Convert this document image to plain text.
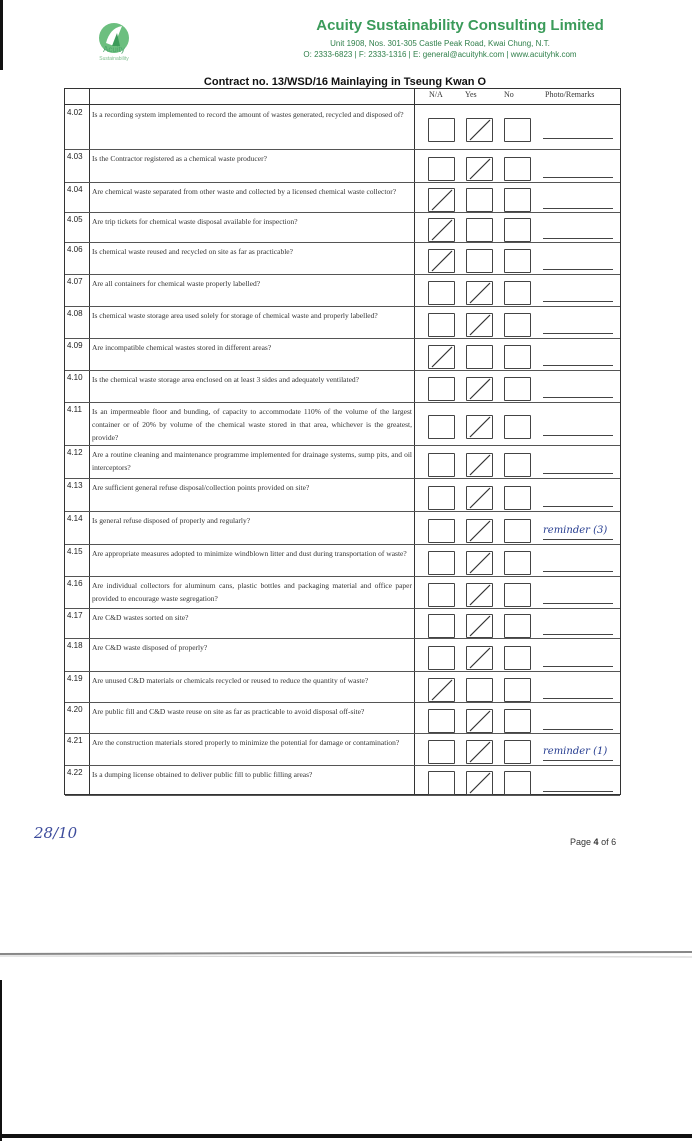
Acuity
Sustainability
Acuity Sustainability Consulting Limited
Unit 1908, Nos. 301-305 Castle Peak Road, Kwai Chung, N.T.
O: 2333-6823 | F: 2333-1316 | E: general@acuityhk.com | www.acuityhk.com
Contract no. 13/WSD/16 Mainlaying in Tseung Kwan O
N/A	Yes	No	Photo/Remarks
4.02 Is a recording system implemented to record the amount of wastes generated, recycled and disposed of?
4.03 Is the Contractor registered as a chemical waste producer?
4.04 Are chemical waste separated from other waste and collected by a licensed chemical waste collector?
4.05 Are trip tickets for chemical waste disposal available for inspection?
4.06 Is chemical waste reused and recycled on site as far as practicable?
4.07 Are all containers for chemical waste properly labelled?
4.08 Is chemical waste storage area used solely for storage of chemical waste and properly labelled?
4.09 Are incompatible chemical wastes stored in different areas?
4.10 Is the chemical waste storage area enclosed on at least 3 sides and adequately ventilated?
4.11 Is an impermeable floor and bunding, of capacity to accommodate 110% of the volume of the largest container or of 20% by volume of the chemical waste stored in that area, whichever is the greatest, provide?
4.12 Are a routine cleaning and maintenance programme implemented for drainage systems, sump pits, and oil interceptors?
4.13 Are sufficient general refuse disposal/collection points provided on site?
4.14 Is general refuse disposed of properly and regularly?
reminder (3)
4.15 Are appropriate measures adopted to minimize windblown litter and dust during transportation of waste?
4.16 Are individual collectors for aluminum cans, plastic bottles and packaging material and office paper provided to encourage waste segregation?
4.17 Are C&D wastes sorted on site?
4.18 Are C&D waste disposed of properly?
4.19 Are unused C&D materials or chemicals recycled or reused to reduce the quantity of waste?
4.20 Are public fill and C&D waste reuse on site as far as practicable to avoid disposal off-site?
4.21 Are the construction materials stored properly to minimize the potential for damage or contamination?
reminder (1)
4.22 Is a dumping license obtained to deliver public fill to public filling areas?
28/10	Page 4 of 6
